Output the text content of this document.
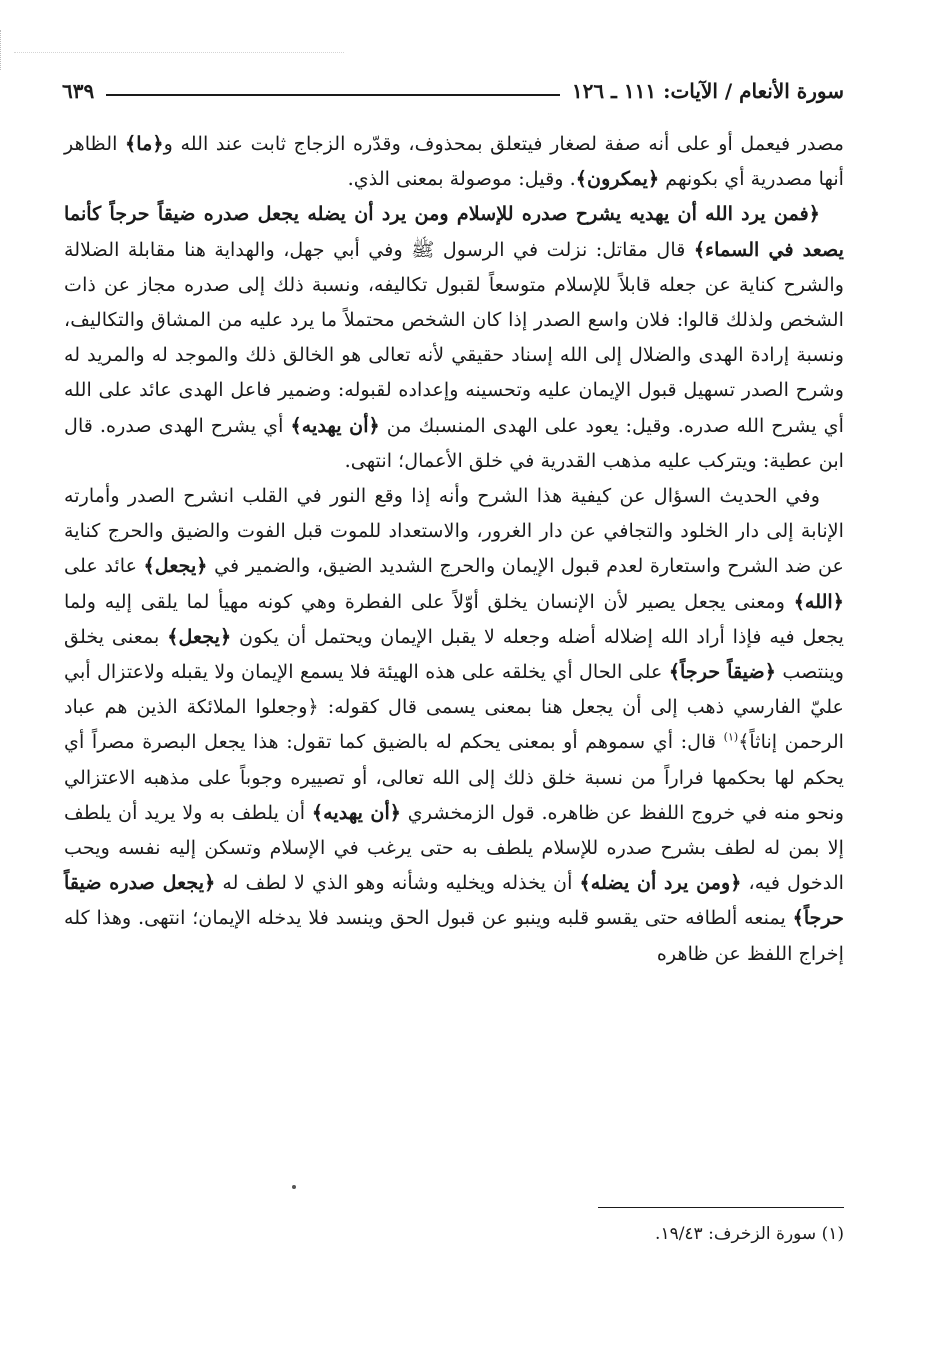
سورة الأنعام / الآيات: ١١١ ـ ١٢٦
٦٣٩

مصدر فيعمل أو على أنه صفة لصغار فيتعلق بمحذوف، وقدّره الزجاج ثابت عند الله و﴿ما﴾ الظاهر أنها مصدرية أي بكونهم ﴿يمكرون﴾. وقيل: موصولة بمعنى الذي.

﴿فمن يرد الله أن يهديه يشرح صدره للإسلام ومن يرد أن يضله يجعل صدره ضيقاً حرجاً كأنما يصعد في السماء﴾ قال مقاتل: نزلت في الرسول ﷺ وفي أبي جهل، والهداية هنا مقابلة الضلالة والشرح كناية عن جعله قابلاً للإسلام متوسعاً لقبول تكاليفه، ونسبة ذلك إلى صدره مجاز عن ذات الشخص ولذلك قالوا: فلان واسع الصدر إذا كان الشخص محتملاً ما يرد عليه من المشاق والتكاليف، ونسبة إرادة الهدى والضلال إلى الله إسناد حقيقي لأنه تعالى هو الخالق ذلك والموجد له والمريد له وشرح الصدر تسهيل قبول الإيمان عليه وتحسينه وإعداده لقبوله: وضمير فاعل الهدى عائد على الله أي يشرح الله صدره. وقيل: يعود على الهدى المنسبك من ﴿أن يهديه﴾ أي يشرح الهدى صدره. قال ابن عطية: ويتركب عليه مذهب القدرية في خلق الأعمال؛ انتهى.

وفي الحديث السؤال عن كيفية هذا الشرح وأنه إذا وقع النور في القلب انشرح الصدر وأمارته الإنابة إلى دار الخلود والتجافي عن دار الغرور، والاستعداد للموت قبل الفوت والضيق والحرج كناية عن ضد الشرح واستعارة لعدم قبول الإيمان والحرج الشديد الضيق، والضمير في ﴿يجعل﴾ عائد على ﴿الله﴾ ومعنى يجعل يصير لأن الإنسان يخلق أوّلاً على الفطرة وهي كونه مهيأ لما يلقى إليه ولما يجعل فيه فإذا أراد الله إضلاله أضله وجعله لا يقبل الإيمان ويحتمل أن يكون ﴿يجعل﴾ بمعنى يخلق وينتصب ﴿ضيقاً حرجاً﴾ على الحال أي يخلقه على هذه الهيئة فلا يسمع الإيمان ولا يقبله ولاعتزال أبي عليّ الفارسي ذهب إلى أن يجعل هنا بمعنى يسمى قال كقوله: ﴿وجعلوا الملائكة الذين هم عباد الرحمن إناثاً﴾$^{(١)}$ قال: أي سموهم أو بمعنى يحكم له بالضيق كما تقول: هذا يجعل البصرة مصراً أي يحكم لها بحكمها فراراً من نسبة خلق ذلك إلى الله تعالى، أو تصييره وجوباً على مذهبه الاعتزالي ونحو منه في خروج اللفظ عن ظاهره. قول الزمخشري ﴿أن يهديه﴾ أن يلطف به ولا يريد أن يلطف إلا بمن له لطف بشرح صدره للإسلام يلطف به حتى يرغب في الإسلام وتسكن إليه نفسه ويحب الدخول فيه، ﴿ومن يرد أن يضله﴾ أن يخذله ويخليه وشأنه وهو الذي لا لطف له ﴿يجعل صدره ضيقاً حرجاً﴾ يمنعه ألطافه حتى يقسو قلبه وينبو عن قبول الحق وينسد فلا يدخله الإيمان؛ انتهى. وهذا كله إخراج اللفظ عن ظاهره

(١) سورة الزخرف: ١٩/٤٣.
